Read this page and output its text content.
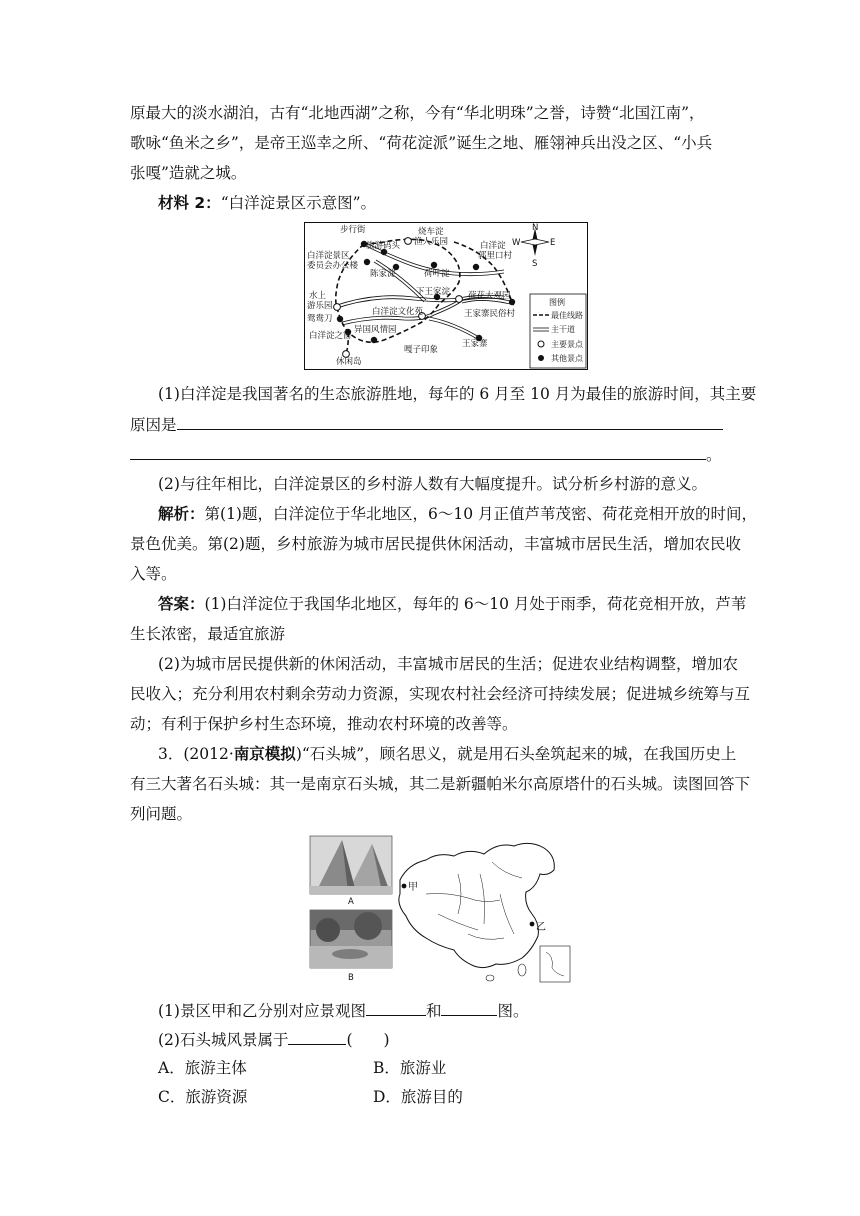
原最大的淡水湖泊，古有“北地西湖”之称，今有“华北明珠”之誉，诗赞“北国江南”，
歌咏“鱼米之乡”，是帝王巡幸之所、“荷花淀派”诞生之地、雁翎神兵出没之区、“小兵
张嘎”造就之城。
材料 2：“白洋淀景区示意图”。
步行街
旅游码头
烧车淀
渔人乐园
白洋淀景区
委员会办公楼
陈家淀	荷叶淀
白洋淀
郭里口村
水上
游乐园
下王家淀 荷花大观园
白洋淀文化苑
鸳鸯刀	王家寨民俗村
异国风情园
白洋淀之窗
嘎子印象
王家寨
休闲岛
N
S
W	E
图例
最佳线路
主干道
主要景点
其他景点
(1)白洋淀是我国著名的生态旅游胜地，每年的 6 月至 10 月为最佳的旅游时间，其主要
原因是
。
(2)与往年相比，白洋淀景区的乡村游人数有大幅度提升。试分析乡村游的意义。
解析：第(1)题，白洋淀位于华北地区，6～10 月正值芦苇茂密、荷花竞相开放的时间，
景色优美。第(2)题，乡村旅游为城市居民提供休闲活动，丰富城市居民生活，增加农民收
入等。
答案：(1)白洋淀位于我国华北地区，每年的 6～10 月处于雨季，荷花竞相开放，芦苇
生长浓密，最适宜旅游
(2)为城市居民提供新的休闲活动，丰富城市居民的生活；促进农业结构调整，增加农
民收入；充分利用农村剩余劳动力资源，实现农村社会经济可持续发展；促进城乡统筹与互
动；有利于保护乡村生态环境，推动农村环境的改善等。
3．(2012·南京模拟)“石头城”，顾名思义，就是用石头垒筑起来的城，在我国历史上
有三大著名石头城：其一是南京石头城，其二是新疆帕米尔高原塔什的石头城。读图回答下
列问题。
A
B
甲
乙
(1)景区甲和乙分别对应景观图	和	图。
(2)石头城风景属于	(　　)
A．旅游主体	B．旅游业
C．旅游资源	D．旅游目的
